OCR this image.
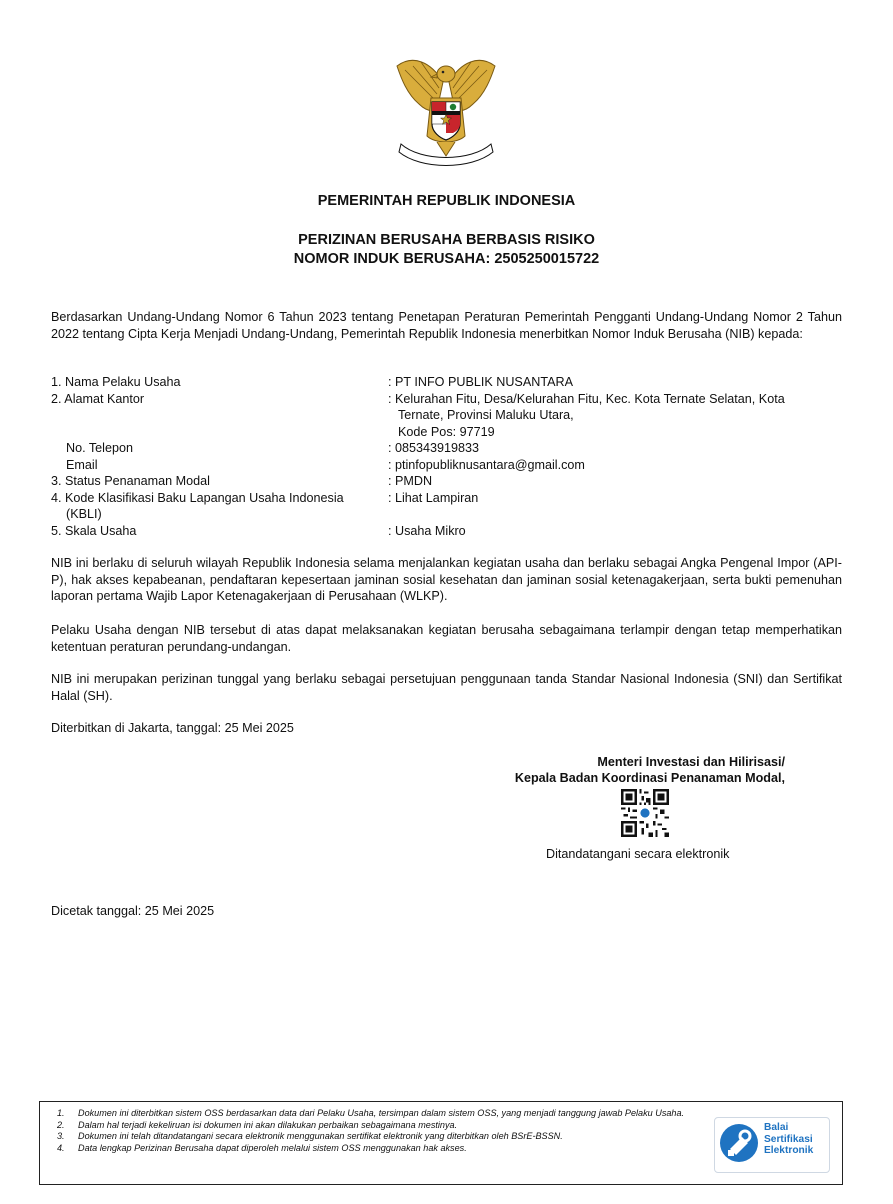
PEMERINTAH REPUBLIK INDONESIA
PERIZINAN BERUSAHA BERBASIS RISIKO
NOMOR INDUK BERUSAHA: 2505250015722
Berdasarkan Undang-Undang Nomor 6 Tahun 2023 tentang Penetapan Peraturan Pemerintah Pengganti Undang-Undang Nomor 2 Tahun 2022 tentang Cipta Kerja Menjadi Undang-Undang, Pemerintah Republik Indonesia menerbitkan Nomor Induk Berusaha (NIB) kepada:
1. Nama Pelaku Usaha	: PT INFO PUBLIK NUSANTARA
2. Alamat Kantor	: Kelurahan Fitu, Desa/Kelurahan Fitu, Kec. Kota Ternate Selatan, Kota
Ternate, Provinsi Maluku Utara,
Kode Pos: 97719
No. Telepon	: 085343919833
Email	: ptinfopubliknusantara@gmail.com
3. Status Penanaman Modal	: PMDN
4. Kode Klasifikasi Baku Lapangan Usaha Indonesia
(KBLI)
: Lihat Lampiran
5. Skala Usaha	: Usaha Mikro
NIB ini berlaku di seluruh wilayah Republik Indonesia selama menjalankan kegiatan usaha dan berlaku sebagai Angka Pengenal Impor (API-P), hak akses kepabeanan, pendaftaran kepesertaan jaminan sosial kesehatan dan jaminan sosial ketenagakerjaan, serta bukti pemenuhan laporan pertama Wajib Lapor Ketenagakerjaan di Perusahaan (WLKP).
Pelaku Usaha dengan NIB tersebut di atas dapat melaksanakan kegiatan berusaha sebagaimana terlampir dengan tetap memperhatikan ketentuan peraturan perundang-undangan.
NIB ini merupakan perizinan tunggal yang berlaku sebagai persetujuan penggunaan tanda Standar Nasional Indonesia (SNI) dan Sertifikat Halal (SH).
Diterbitkan di Jakarta, tanggal: 25 Mei 2025
Menteri Investasi dan Hilirisasi/
Kepala Badan Koordinasi Penanaman Modal,
Ditandatangani secara elektronik
Dicetak tanggal: 25 Mei 2025
1.	Dokumen ini diterbitkan sistem OSS berdasarkan data dari Pelaku Usaha, tersimpan dalam sistem OSS, yang menjadi tanggung jawab Pelaku Usaha.
2.	Dalam hal terjadi kekeliruan isi dokumen ini akan dilakukan perbaikan sebagaimana mestinya.
3.	Dokumen ini telah ditandatangani secara elektronik menggunakan sertifikat elektronik yang diterbitkan oleh BSrE-BSSN.
4.	Data lengkap Perizinan Berusaha dapat diperoleh melalui sistem OSS menggunakan hak akses.
Balai
Sertifikasi
Elektronik
